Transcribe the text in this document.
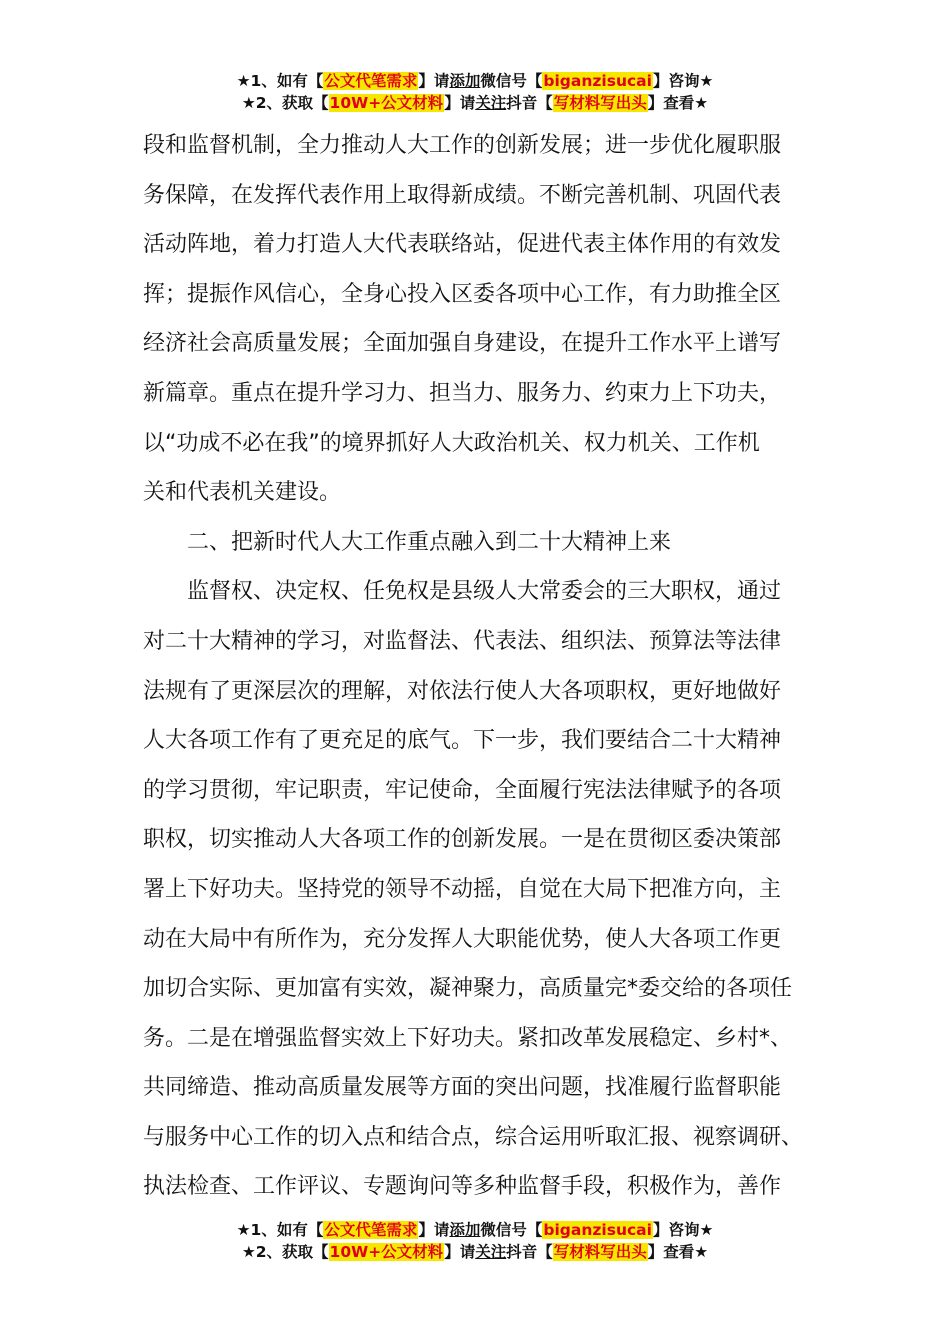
★1、如有【公文代笔需求】请添加微信号【biganzisucai】咨询★
★2、获取【10W+公文材料】请关注抖音【写材料写出头】查看★
段和监督机制，全力推动人大工作的创新发展；进一步优化履职服
务保障，在发挥代表作用上取得新成绩。不断完善机制、巩固代表
活动阵地，着力打造人大代表联络站，促进代表主体作用的有效发
挥；提振作风信心，全身心投入区委各项中心工作，有力助推全区
经济社会高质量发展；全面加强自身建设，在提升工作水平上谱写
新篇章。重点在提升学习力、担当力、服务力、约束力上下功夫，
以“功成不必在我”的境界抓好人大政治机关、权力机关、工作机
关和代表机关建设。
二、把新时代人大工作重点融入到二十大精神上来
监督权、决定权、任免权是县级人大常委会的三大职权，通过
对二十大精神的学习，对监督法、代表法、组织法、预算法等法律
法规有了更深层次的理解，对依法行使人大各项职权，更好地做好
人大各项工作有了更充足的底气。下一步，我们要结合二十大精神
的学习贯彻，牢记职责，牢记使命，全面履行宪法法律赋予的各项
职权，切实推动人大各项工作的创新发展。一是在贯彻区委决策部
署上下好功夫。坚持党的领导不动摇，自觉在大局下把准方向，主
动在大局中有所作为，充分发挥人大职能优势，使人大各项工作更
加切合实际、更加富有实效，凝神聚力，高质量完*委交给的各项任
务。二是在增强监督实效上下好功夫。紧扣改革发展稳定、乡村*、
共同缔造、推动高质量发展等方面的突出问题，找准履行监督职能
与服务中心工作的切入点和结合点，综合运用听取汇报、视察调研、
执法检查、工作评议、专题询问等多种监督手段，积极作为，善作
★1、如有【公文代笔需求】请添加微信号【biganzisucai】咨询★
★2、获取【10W+公文材料】请关注抖音【写材料写出头】查看★
